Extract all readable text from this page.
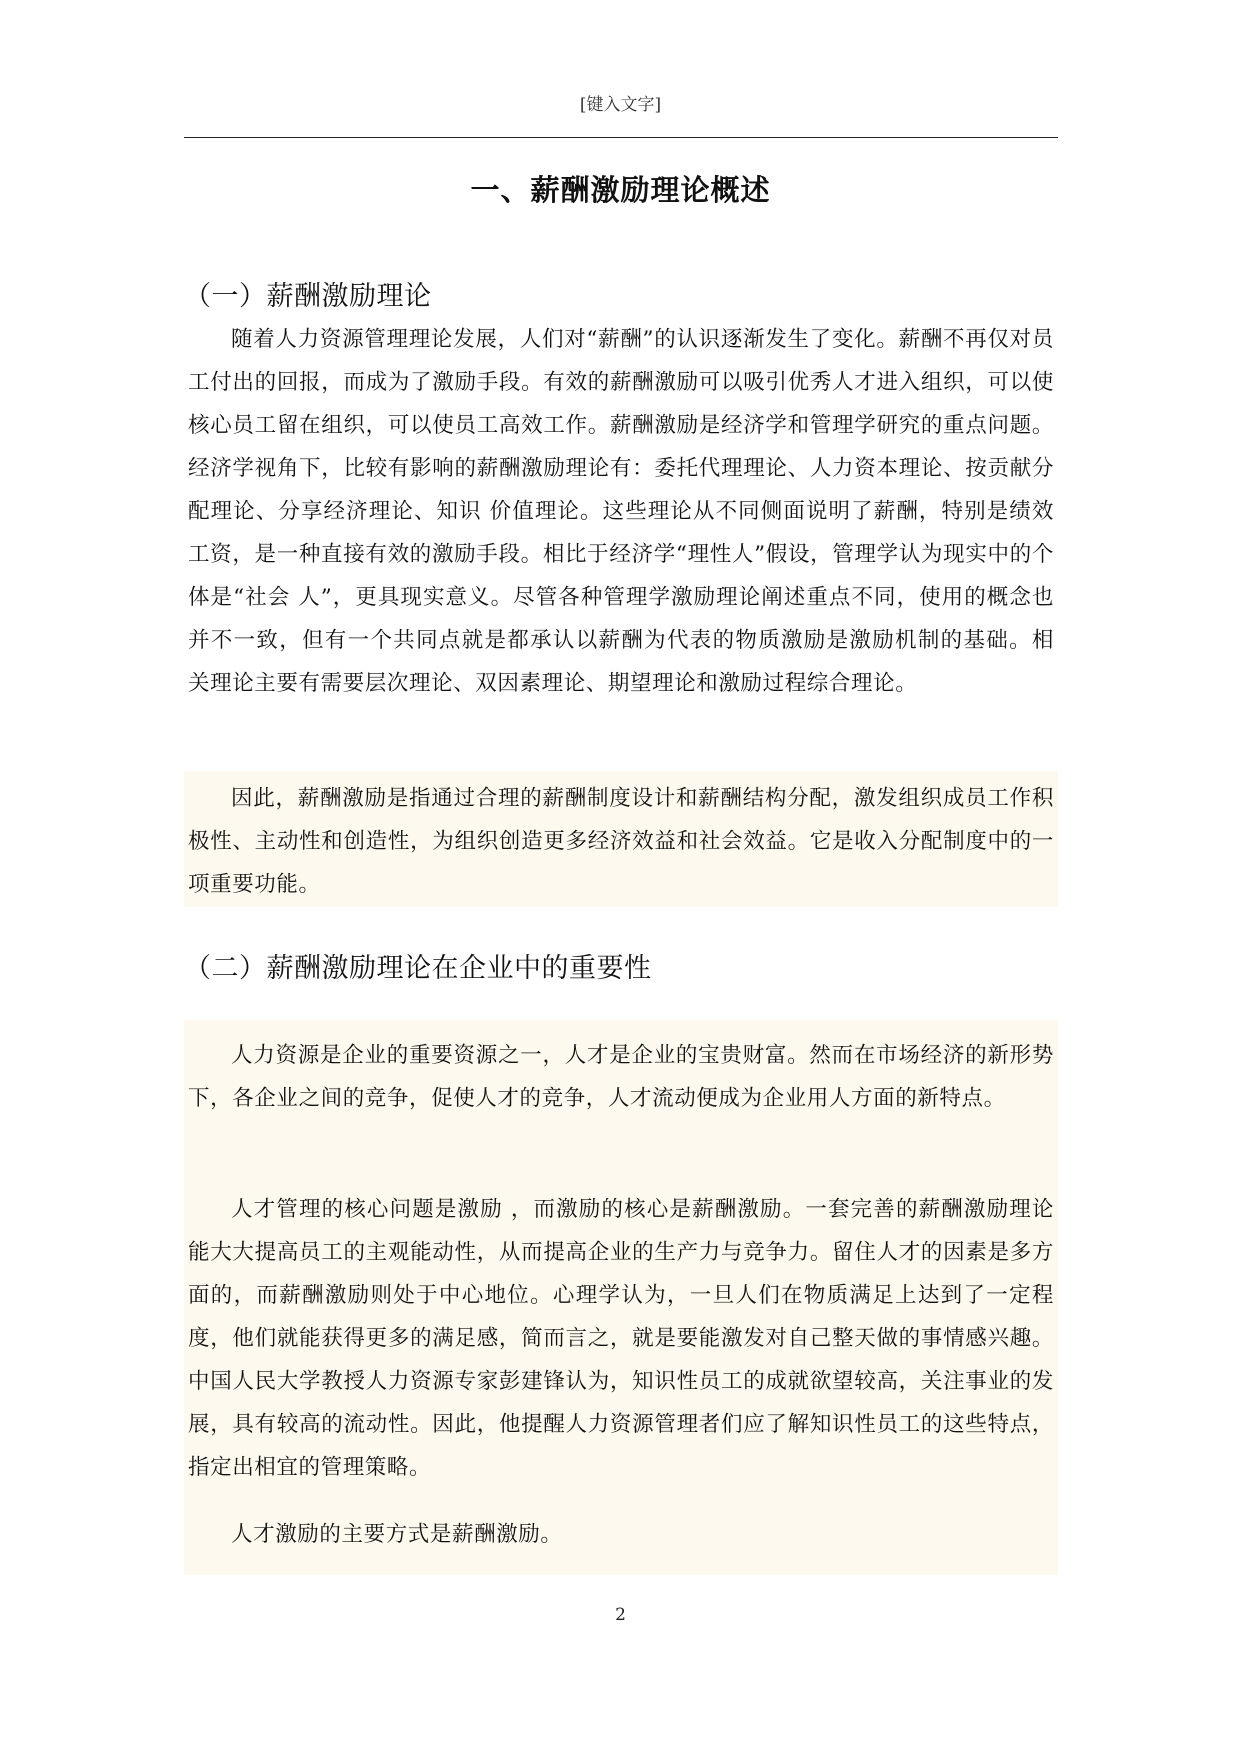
[键入文字]
一、薪酬激励理论概述
（一）薪酬激励理论

随着人力资源管理理论发展，人们对“薪酬”的认识逐渐发生了变化。薪酬不再仅对员工付出的回报，而成为了激励手段。有效的薪酬激励可以吸引优秀人才进入组织，可以使核心员工留在组织，可以使员工高效工作。薪酬激励是经济学和管理学研究的重点问题。经济学视角下，比较有影响的薪酬激励理论有：委托代理理论、人力资本理论、按贡献分配理论、分享经济理论、知识 价值理论。这些理论从不同侧面说明了薪酬，特别是绩效工资，是一种直接有效的激励手段。相比于经济学“理性人”假设，管理学认为现实中的个体是“社会 人”，更具现实意义。尽管各种管理学激励理论阐述重点不同，使用的概念也并不一致，但有一个共同点就是都承认以薪酬为代表的物质激励是激励机制的基础。相 关理论主要有需要层次理论、双因素理论、期望理论和激励过程综合理论。

因此，薪酬激励是指通过合理的薪酬制度设计和薪酬结构分配，激发组织成员工作积极性、主动性和创造性，为组织创造更多经济效益和社会效益。它是收入分配制度中的一项重要功能。

（二）薪酬激励理论在企业中的重要性

人力资源是企业的重要资源之一，人才是企业的宝贵财富。然而在市场经济的新形势下，各企业之间的竞争，促使人才的竞争，人才流动便成为企业用人方面的新特点。

人才管理的核心问题是激励 ，而激励的核心是薪酬激励。一套完善的薪酬激励理论能大大提高员工的主观能动性，从而提高企业的生产力与竞争力。留住人才的因素是多方面的，而薪酬激励则处于中心地位。心理学认为，一旦人们在物质满足上达到了一定程度，他们就能获得更多的满足感，简而言之，就是要能激发对自己整天做的事情感兴趣。 中国人民大学教授人力资源专家彭建锋认为，知识性员工的成就欲望较高，关注事业的发展，具有较高的流动性。因此，他提醒人力资源管理者们应了解知识性员工的这些特点，指定出相宜的管理策略。

人才激励的主要方式是薪酬激励。

2
